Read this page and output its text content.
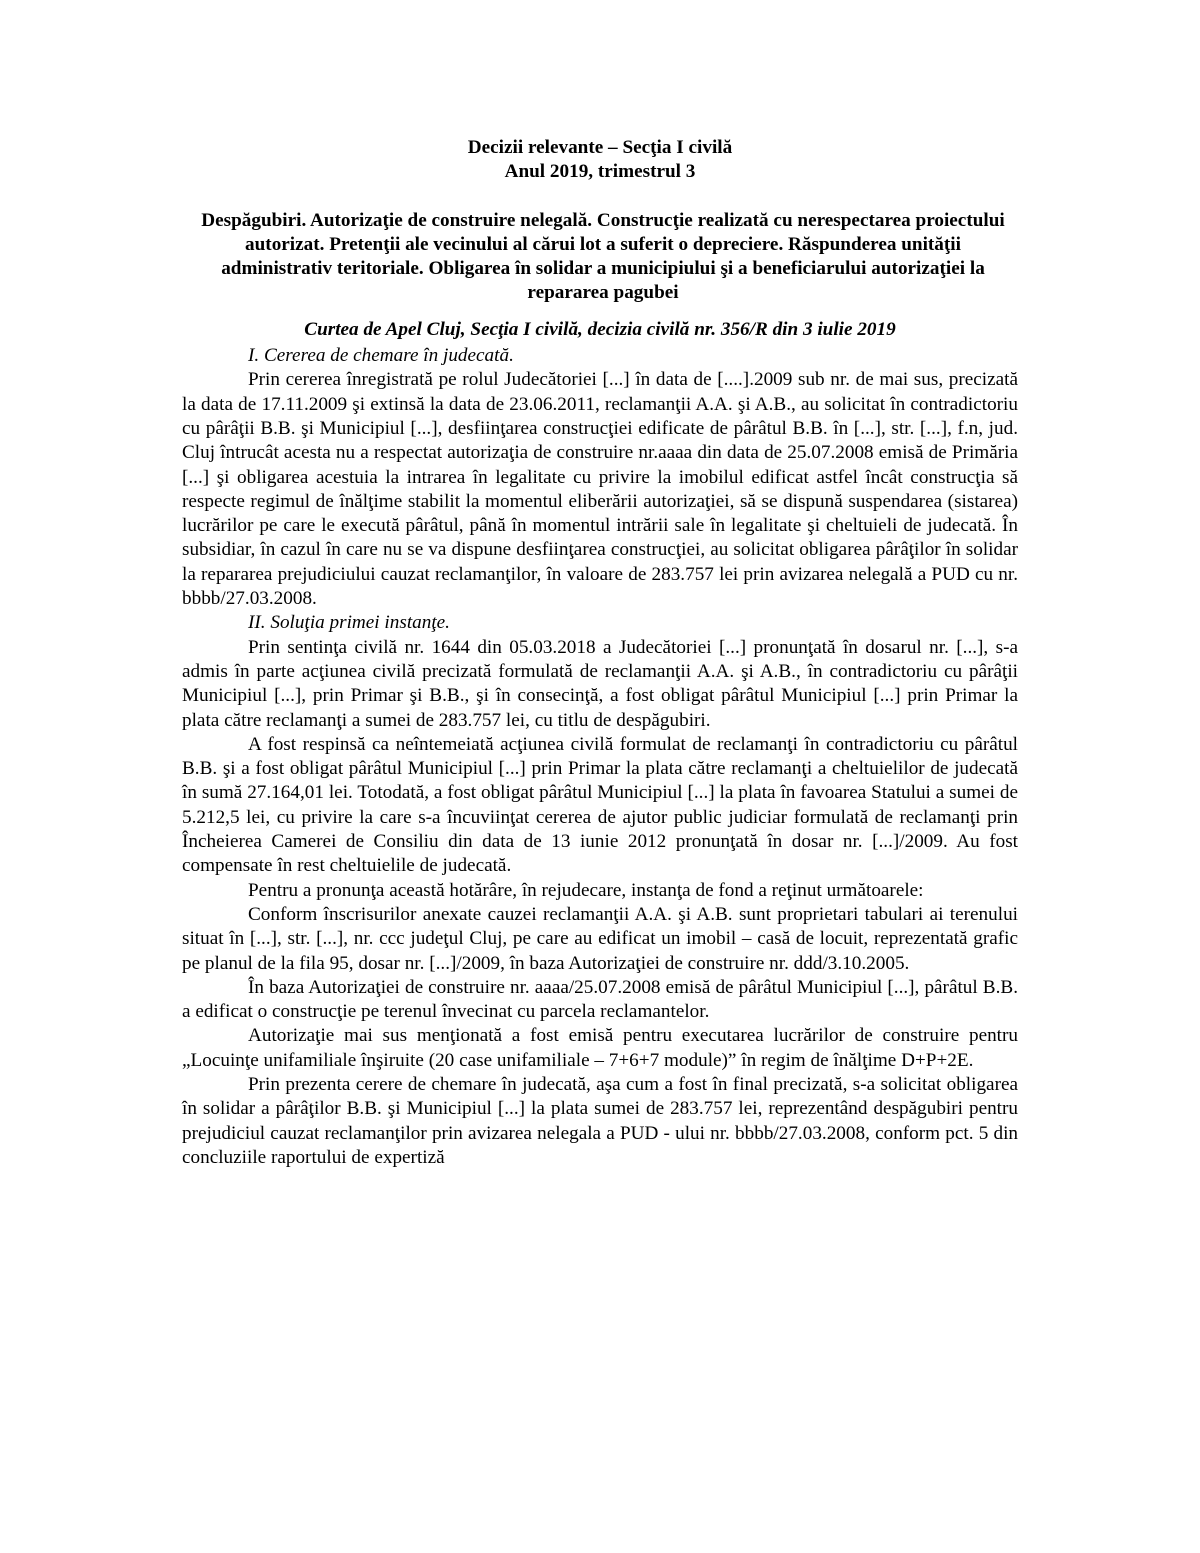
Decizii relevante – Secţia I civilă

Anul 2019, trimestrul 3

Despăgubiri. Autorizaţie de construire nelegală. Construcţie realizată cu nerespectarea proiectului autorizat. Pretenţii ale vecinului al cărui lot a suferit o depreciere. Răspunderea unităţii administrativ teritoriale. Obligarea în solidar a municipiului şi a beneficiarului autorizaţiei la repararea pagubei

Curtea de Apel Cluj, Secţia I civilă, decizia civilă nr. 356/R din 3 iulie 2019

I. Cererea de chemare în judecată.

Prin cererea înregistrată pe rolul Judecătoriei [...] în data de [....].2009 sub nr. de mai sus, precizată la data de 17.11.2009 şi extinsă la data de 23.06.2011, reclamanţii A.A. şi A.B., au solicitat în contradictoriu cu pârâţii B.B. şi Municipiul [...], desfiinţarea construcţiei edificate de pârâtul B.B. în [...], str. [...], f.n, jud. Cluj întrucât acesta nu a respectat autorizaţia de construire nr.aaaa din data de 25.07.2008 emisă de Primăria [...] şi obligarea acestuia la intrarea în legalitate cu privire la imobilul edificat astfel încât construcţia să respecte regimul de înălţime stabilit la momentul eliberării autorizaţiei, să se dispună suspendarea (sistarea) lucrărilor pe care le execută pârâtul, până în momentul intrării sale în legalitate şi cheltuieli de judecată. În subsidiar, în cazul în care nu se va dispune desfiinţarea construcţiei, au solicitat obligarea pârâţilor în solidar la repararea prejudiciului cauzat reclamanţilor, în valoare de 283.757 lei prin avizarea nelegală a PUD cu nr. bbbb/27.03.2008.

II. Soluţia primei instanţe.

Prin sentinţa civilă nr. 1644 din 05.03.2018 a Judecătoriei [...] pronunţată în dosarul nr. [...], s-a admis în parte acţiunea civilă precizată formulată de reclamanţii A.A. şi A.B., în contradictoriu cu pârâţii Municipiul [...], prin Primar şi B.B., şi în consecinţă, a fost obligat pârâtul Municipiul [...] prin Primar la plata către reclamanţi a sumei de 283.757 lei, cu titlu de despăgubiri.

A fost respinsă ca neîntemeiată acţiunea civilă formulat de reclamanţi în contradictoriu cu pârâtul B.B. şi a fost obligat pârâtul Municipiul [...] prin Primar la plata către reclamanţi a cheltuielilor de judecată în sumă 27.164,01 lei. Totodată, a fost obligat pârâtul Municipiul [...] la plata în favoarea Statului a sumei de 5.212,5 lei, cu privire la care s-a încuviinţat cererea de ajutor public judiciar formulată de reclamanţi prin Încheierea Camerei de Consiliu din data de 13 iunie 2012 pronunţată în dosar nr. [...]/2009. Au fost compensate în rest cheltuielile de judecată.

Pentru a pronunţa această hotărâre, în rejudecare, instanţa de fond a reţinut următoarele:

Conform înscrisurilor anexate cauzei reclamanţii A.A. şi A.B. sunt proprietari tabulari ai terenului situat în [...], str. [...], nr. ccc judeţul Cluj, pe care au edificat un imobil – casă de locuit, reprezentată grafic pe planul de la fila 95, dosar nr. [...]/2009, în baza Autorizaţiei de construire nr. ddd/3.10.2005.

În baza Autorizaţiei de construire nr. aaaa/25.07.2008 emisă de pârâtul Municipiul [...], pârâtul B.B. a edificat o construcţie pe terenul învecinat cu parcela reclamantelor.

Autorizaţie mai sus menţionată a fost emisă pentru executarea lucrărilor de construire pentru „Locuinţe unifamiliale înşiruite (20 case unifamiliale – 7+6+7 module)” în regim de înălţime D+P+2E.

Prin prezenta cerere de chemare în judecată, aşa cum a fost în final precizată, s-a solicitat obligarea în solidar a pârâţilor B.B. şi Municipiul [...] la plata sumei de 283.757 lei, reprezentând despăgubiri pentru prejudiciul cauzat reclamanţilor prin avizarea nelegala a PUD - ului nr. bbbb/27.03.2008, conform pct. 5 din concluziile raportului de expertiză
